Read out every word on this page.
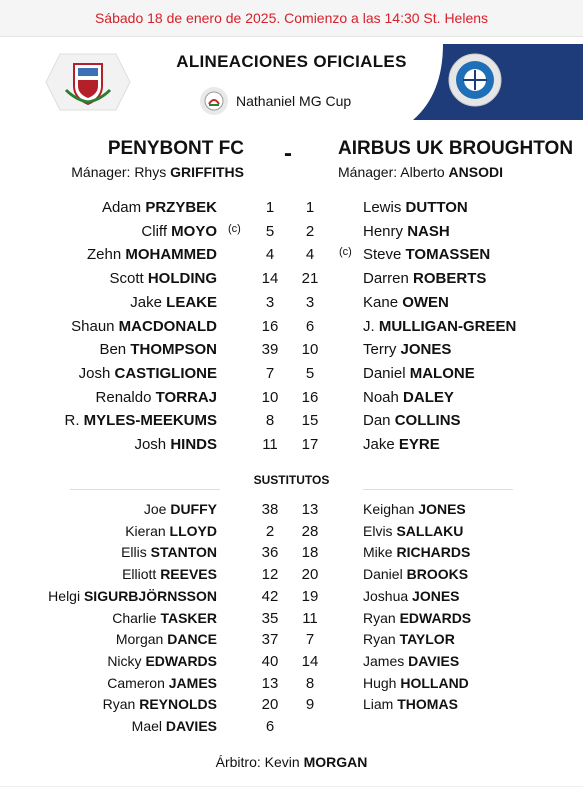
Sábado 18 de enero de 2025. Comienzo a las 14:30 St. Helens
ALINEACIONES OFICIALES
Nathaniel MG Cup
PENYBONT FC - AIRBUS UK BROUGHTON
Mánager: Rhys GRIFFITHS	Mánager: Alberto ANSODI
Adam PRZYBEK	1	1	Lewis DUTTON
Cliff MOYO (c)	5	2	Henry NASH
Zehn MOHAMMED	4	4	(c) Steve TOMASSEN
Scott HOLDING	14	21	Darren ROBERTS
Jake LEAKE	3	3	Kane OWEN
Shaun MACDONALD	16	6	J. MULLIGAN-GREEN
Ben THOMPSON	39	10	Terry JONES
Josh CASTIGLIONE	7	5	Daniel MALONE
Renaldo TORRAJ	10	16	Noah DALEY
R. MYLES-MEEKUMS	8	15	Dan COLLINS
Josh HINDS	11	17	Jake EYRE
SUSTITUTOS
Joe DUFFY	38	13	Keighan JONES
Kieran LLOYD	2	28	Elvis SALLAKU
Ellis STANTON	36	18	Mike RICHARDS
Elliott REEVES	12	20	Daniel BROOKS
Helgi SIGURBJÖRNSSON	42	19	Joshua JONES
Charlie TASKER	35	11	Ryan EDWARDS
Morgan DANCE	37	7	Ryan TAYLOR
Nicky EDWARDS	40	14	James DAVIES
Cameron JAMES	13	8	Hugh HOLLAND
Ryan REYNOLDS	20	9	Liam THOMAS
Mael DAVIES	6
Árbitro: Kevin MORGAN
